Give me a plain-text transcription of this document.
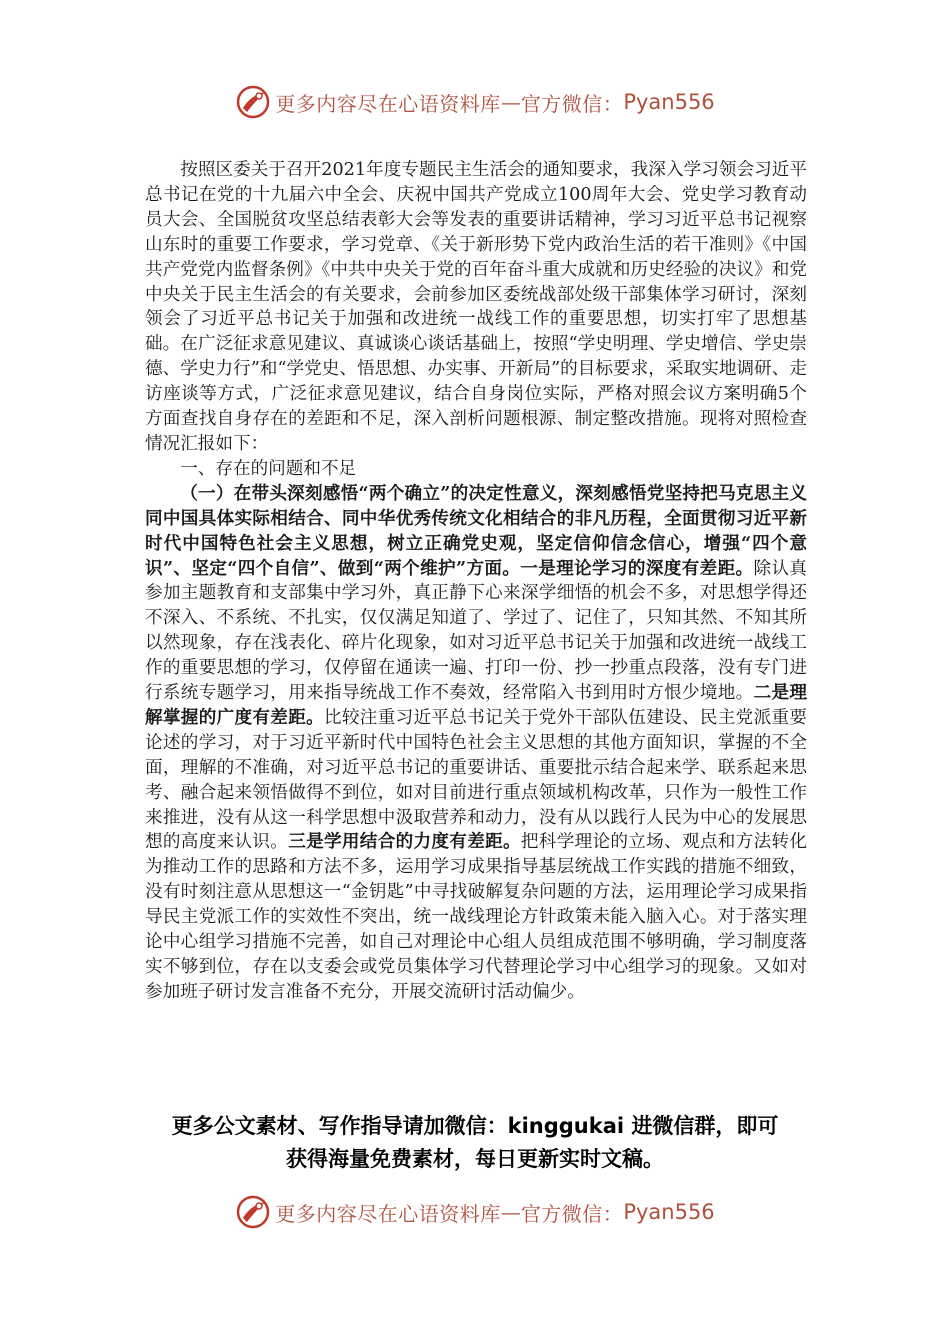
更多内容尽在心语资料库 — 官方微信： Pyan556

按照区委关于召开2021年度专题民主生活会的通知要求，我深入学习领会习近平总书记在党的十九届六中全会、庆祝中国共产党成立100周年大会、党史学习教育动员大会、全国脱贫攻坚总结表彰大会等发表的重要讲话精神，学习习近平总书记视察山东时的重要工作要求，学习党章、《关于新形势下党内政治生活的若干准则》《中国共产党党内监督条例》《中共中央关于党的百年奋斗重大成就和历史经验的决议》和党中央关于民主生活会的有关要求，会前参加区委统战部处级干部集体学习研讨，深刻领会了习近平总书记关于加强和改进统一战线工作的重要思想，切实打牢了思想基础。在广泛征求意见建议、真诚谈心谈话基础上，按照“学史明理、学史增信、学史崇德、学史力行”和“学党史、悟思想、办实事、开新局”的目标要求，采取实地调研、走访座谈等方式，广泛征求意见建议，结合自身岗位实际，严格对照会议方案明确5个方面查找自身存在的差距和不足，深入剖析问题根源、制定整改措施。现将对照检查情况汇报如下：

一、存在的问题和不足

（一）在带头深刻感悟“两个确立”的决定性意义，深刻感悟党坚持把马克思主义同中国具体实际相结合、同中华优秀传统文化相结合的非凡历程，全面贯彻习近平新时代中国特色社会主义思想，树立正确党史观，坚定信仰信念信心，增强“四个意识”、坚定“四个自信”、做到“两个维护”方面。一是理论学习的深度有差距。除认真参加主题教育和支部集中学习外，真正静下心来深学细悟的机会不多，对思想学得还不深入、不系统、不扎实，仅仅满足知道了、学过了、记住了，只知其然、不知其所以然现象，存在浅表化、碎片化现象，如对习近平总书记关于加强和改进统一战线工作的重要思想的学习，仅停留在通读一遍、打印一份、抄一抄重点段落，没有专门进行系统专题学习，用来指导统战工作不奏效，经常陷入书到用时方恨少境地。二是理解掌握的广度有差距。比较注重习近平总书记关于党外干部队伍建设、民主党派重要论述的学习，对于习近平新时代中国特色社会主义思想的其他方面知识，掌握的不全面，理解的不准确，对习近平总书记的重要讲话、重要批示结合起来学、联系起来思考、融合起来领悟做得不到位，如对目前进行重点领域机构改革，只作为一般性工作来推进，没有从这一科学思想中汲取营养和动力，没有从以践行人民为中心的发展思想的高度来认识。三是学用结合的力度有差距。把科学理论的立场、观点和方法转化为推动工作的思路和方法不多，运用学习成果指导基层统战工作实践的措施不细致，没有时刻注意从思想这一“金钥匙”中寻找破解复杂问题的方法，运用理论学习成果指导民主党派工作的实效性不突出，统一战线理论方针政策未能入脑入心。对于落实理论中心组学习措施不完善，如自己对理论中心组人员组成范围不够明确，学习制度落实不够到位，存在以支委会或党员集体学习代替理论学习中心组学习的现象。又如对参加班子研讨发言准备不充分，开展交流研讨活动偏少。

更多公文素材、写作指导请加微信：kinggukai 进微信群，即可
获得海量免费素材，每日更新实时文稿。
更多内容尽在心语资料库 — 官方微信： Pyan556
